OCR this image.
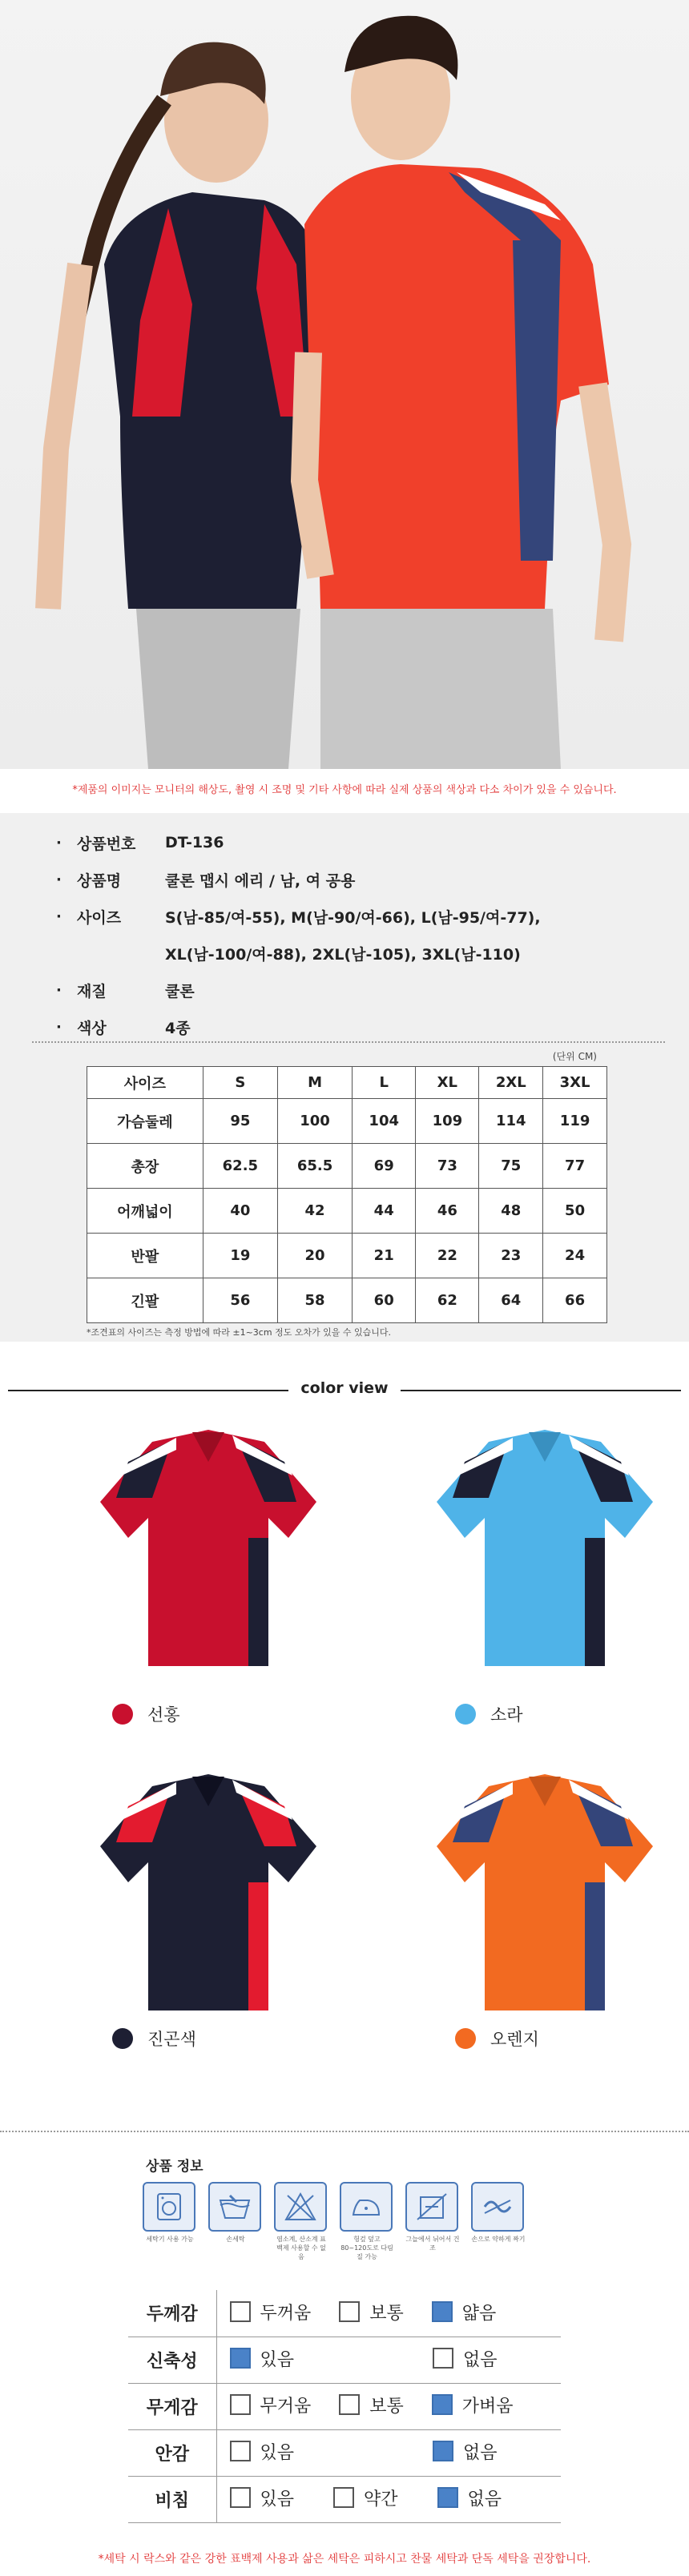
*제품의 이미지는 모니터의 해상도, 촬영 시 조명 및 기타 사항에 따라 실제 상품의 색상과 다소 차이가 있을 수 있습니다.
·	상품번호	DT-136
·	상품명	쿨론 맵시 에리 / 남, 여 공용
·	사이즈	S(남-85/여-55), M(남-90/여-66), L(남-95/여-77),
XL(남-100/여-88), 2XL(남-105), 3XL(남-110)
·	재질	쿨론
·	색상	4종
(단위 CM)
사이즈	S	M	L	XL	2XL	3XL
가슴둘레	95	100	104	109	114	119
총장	62.5	65.5	69	73	75	77
어깨넓이	40	42	44	46	48	50
반팔	19	20	21	22	23	24
긴팔	56	58	60	62	64	66
*조견표의 사이즈는 측정 방법에 따라 ±1~3cm 정도 오차가 있을 수 있습니다.
color view
선홍	소라
진곤색	오렌지
상품 정보
세탁기 사용 가능	손세탁	염소계, 산소계 표백제 사용할 수 없음
헝겊 덮고 80~120도로 다림질 가능
그늘에서 뉘어서 건조
손으로 약하게 짜기
두께감	두꺼움
보통
얇음

신축성	있음
없음

무게감	무거움
보통
가벼움

안감	있음
없음

비침	있음
약간
없음
*세탁 시 락스와 같은 강한 표백제 사용과 삶은 세탁은 피하시고 찬물 세탁과 단독 세탁을 권장합니다.
